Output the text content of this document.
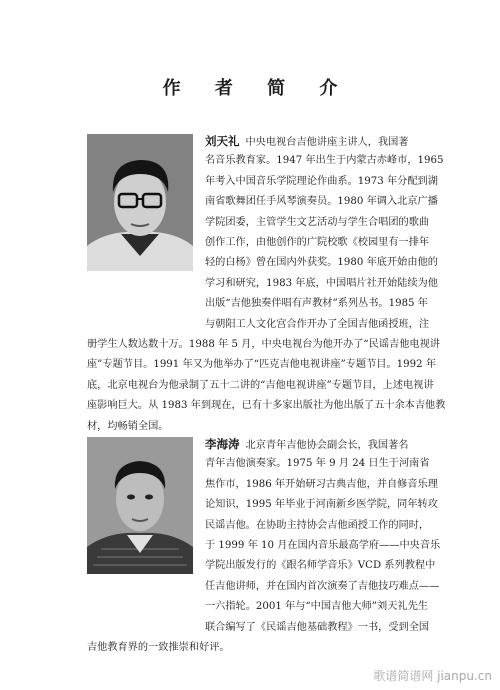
作 者 简 介
刘天礼 中央电视台吉他讲座主讲人，我国著
名音乐教育家。1947 年出生于内蒙古赤峰市，1965
年考入中国音乐学院理论作曲系。1973 年分配到湖
南省歌舞团任手风琴演奏员。1980 年调入北京广播
学院团委，主管学生文艺活动与学生合唱团的歌曲
创作工作，由他创作的广院校歌《校园里有一排年
轻的白杨》曾在国内外获奖。1980 年底开始由他的
学习和研究，1983 年底，中国唱片社开始陆续为他
出版“吉他独奏伴唱有声教材”系列丛书。1985 年
与朝阳工人文化宫合作开办了全国吉他函授班，注
册学生人数达数十万。1988 年 5 月，中央电视台为他开办了“民谣吉他电视讲
座”专题节目。1991 年又为他举办了“匹克吉他电视讲座”专题节目。1992 年
底，北京电视台为他录制了五十二讲的“吉他电视讲座”专题节目，上述电视讲
座影响巨大。从 1983 年到现在，已有十多家出版社为他出版了五十余本吉他教
材，均畅销全国。
李海涛 北京青年吉他协会副会长，我国著名
青年吉他演奏家。1975 年 9 月 24 日生于河南省
焦作市，1986 年开始研习古典吉他，并自修音乐理
论知识，1995 年毕业于河南新乡医学院，同年转攻
民谣吉他。在协助主持协会吉他函授工作的同时，
于 1999 年 10 月在国内音乐最高学府——中央音乐
学院出版发行的《跟名师学音乐》VCD 系列教程中
任吉他讲师，并在国内首次演奏了吉他技巧难点——
一六指轮。2001 年与“中国吉他大师”刘天礼先生
联合编写了《民谣吉他基础教程》一书，受到全国
吉他教育界的一致推崇和好评。
歌谱简谱网 jianpu.cn
